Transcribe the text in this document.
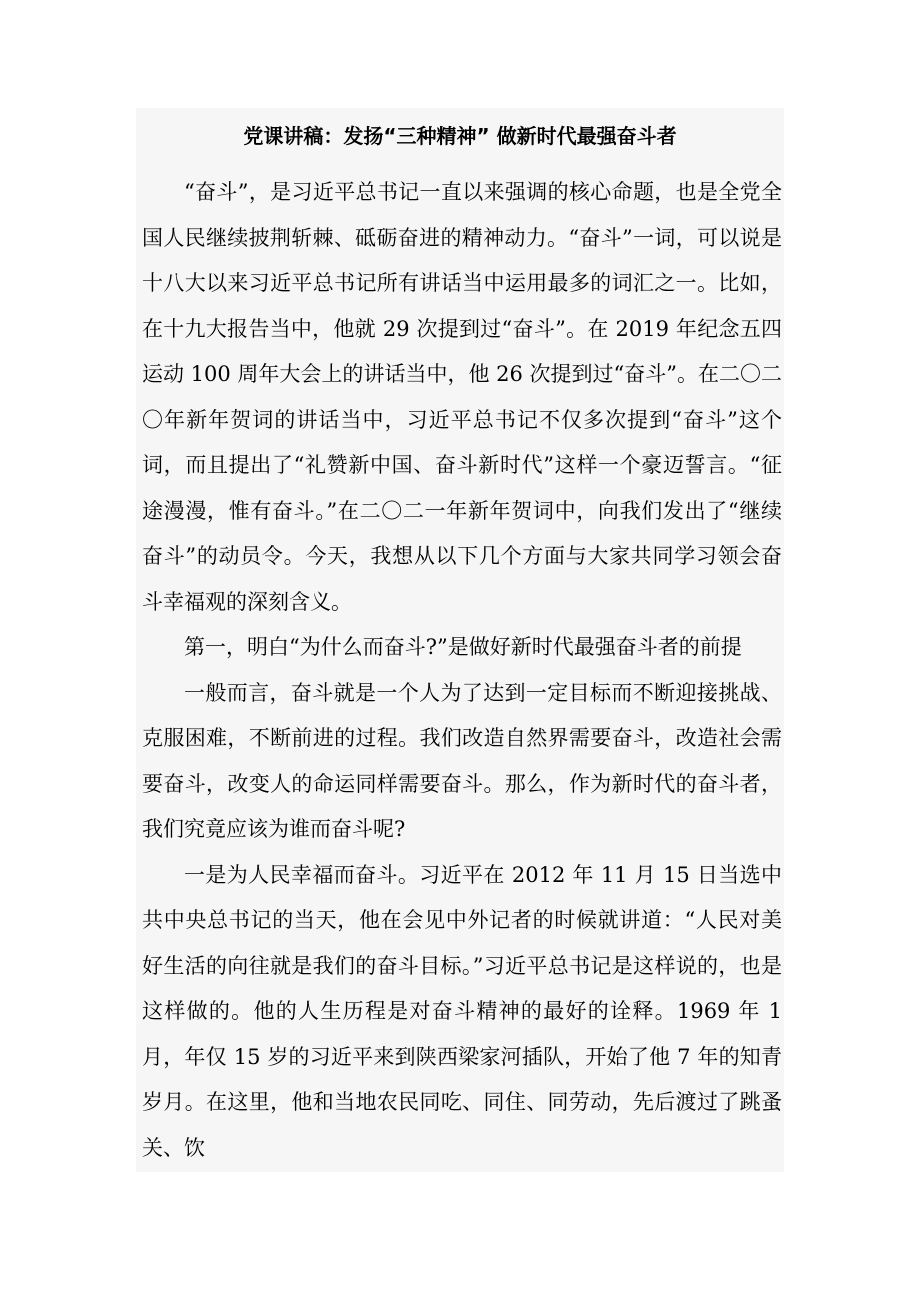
党课讲稿：发扬“三种精神” 做新时代最强奋斗者

“奋斗”，是习近平总书记一直以来强调的核心命题，也是全党全国人民继续披荆斩棘、砥砺奋进的精神动力。“奋斗”一词，可以说是十八大以来习近平总书记所有讲话当中运用最多的词汇之一。比如，在十九大报告当中，他就 29 次提到过“奋斗”。在 2019 年纪念五四运动 100 周年大会上的讲话当中，他 26 次提到过“奋斗”。在二〇二〇年新年贺词的讲话当中，习近平总书记不仅多次提到“奋斗”这个词，而且提出了“礼赞新中国、奋斗新时代”这样一个豪迈誓言。“征途漫漫，惟有奋斗。”在二〇二一年新年贺词中，向我们发出了“继续奋斗”的动员令。今天，我想从以下几个方面与大家共同学习领会奋斗幸福观的深刻含义。

第一，明白“为什么而奋斗?”是做好新时代最强奋斗者的前提

一般而言，奋斗就是一个人为了达到一定目标而不断迎接挑战、克服困难，不断前进的过程。我们改造自然界需要奋斗，改造社会需要奋斗，改变人的命运同样需要奋斗。那么，作为新时代的奋斗者，我们究竟应该为谁而奋斗呢?

一是为人民幸福而奋斗。习近平在 2012 年 11 月 15 日当选中共中央总书记的当天，他在会见中外记者的时候就讲道：“人民对美好生活的向往就是我们的奋斗目标。”习近平总书记是这样说的，也是这样做的。他的人生历程是对奋斗精神的最好的诠释。1969 年 1 月，年仅 15 岁的习近平来到陕西梁家河插队，开始了他 7 年的知青岁月。在这里，他和当地农民同吃、同住、同劳动，先后渡过了跳蚤关、饮
